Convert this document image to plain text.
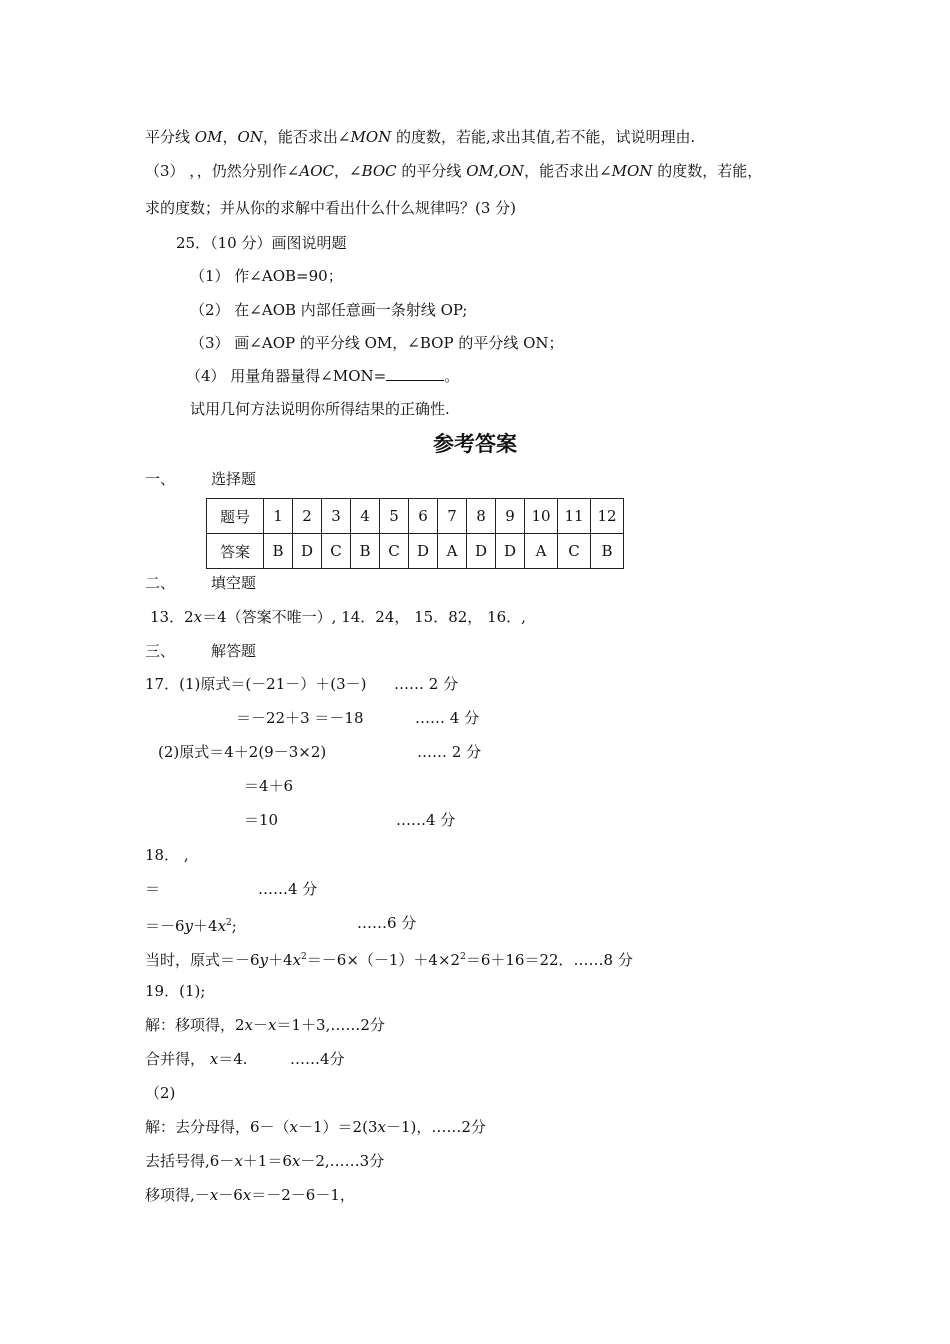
平分线 OM，ON，能否求出∠MON 的度数，若能,求出其值,若不能，试说明理由.
（3） ，，仍然分别作∠AOC，∠BOC 的平分线 OM,ON，能否求出∠MON 的度数，若能，
求的度数；并从你的求解中看出什么什么规律吗？(3 分)
25．（10 分）画图说明题
（1） 作∠AOB=90；
（2） 在∠AOB 内部任意画一条射线 OP;
（3） 画∠AOP 的平分线 OM，∠BOP 的平分线 ON；
（4） 用量角器量得∠MON=	。
试用几何方法说明你所得结果的正确性.
参考答案
一、 选择题
题号	1	2	3	4	5	6	7	8	9	10	11	12
答案	B	D	C	B	C	D	A	D	D	A	C	B
二、 填空题
13．2x＝4（答案不唯一）, 14．24， 15．82， 16．,
三、 解答题
17．(1)原式＝(－21－）＋(3－) …… 2 分
＝－22＋3 ＝－18	…… 4 分
(2)原式＝4＋2(9－3×2)	…… 2 分
＝4＋6
＝10	……4 分
18． ,
＝	……4 分
$=-6y+4x^2$;	……6 分
当时，原式$=-6y+4x^2=-6\times(-1)+4\times 2^2=6+16=22$．……8 分
19．(1);
解：移项得，2x－x＝1＋3,……2分
合并得， x＝4.	……4分
（2)
解：去分母得，6－（x－1）＝2(3x－1)，……2分
去括号得,6－x＋1＝6x－2,……3分
移项得,－x－6x＝－2－6－1，
